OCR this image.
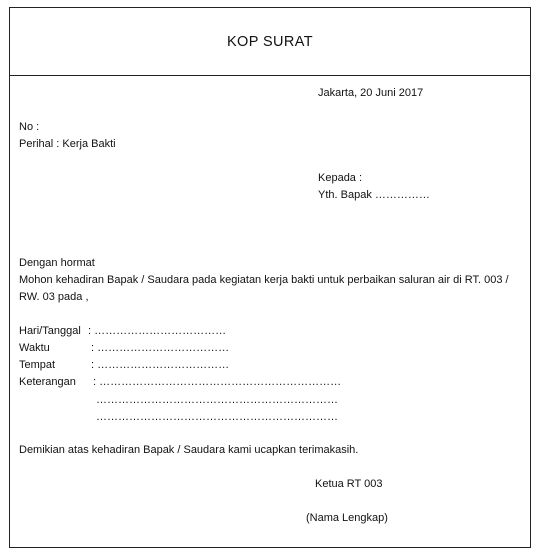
KOP SURAT
Jakarta, 20 Juni 2017
No :
Perihal : Kerja Bakti
Kepada :
Yth. Bapak ……………
Dengan hormat
Mohon kehadiran Bapak / Saudara pada kegiatan kerja bakti untuk perbaikan saluran air di RT. 003 /
RW. 03 pada ,
Hari/Tanggal : ………………………………
Waktu	: ………………………………
Tempat	: ………………………………
Keterangan : …………………………………………………………
…………………………………………………………
…………………………………………………………
Demikian atas kehadiran Bapak / Saudara kami ucapkan terimakasih.
Ketua RT 003
(Nama Lengkap)
